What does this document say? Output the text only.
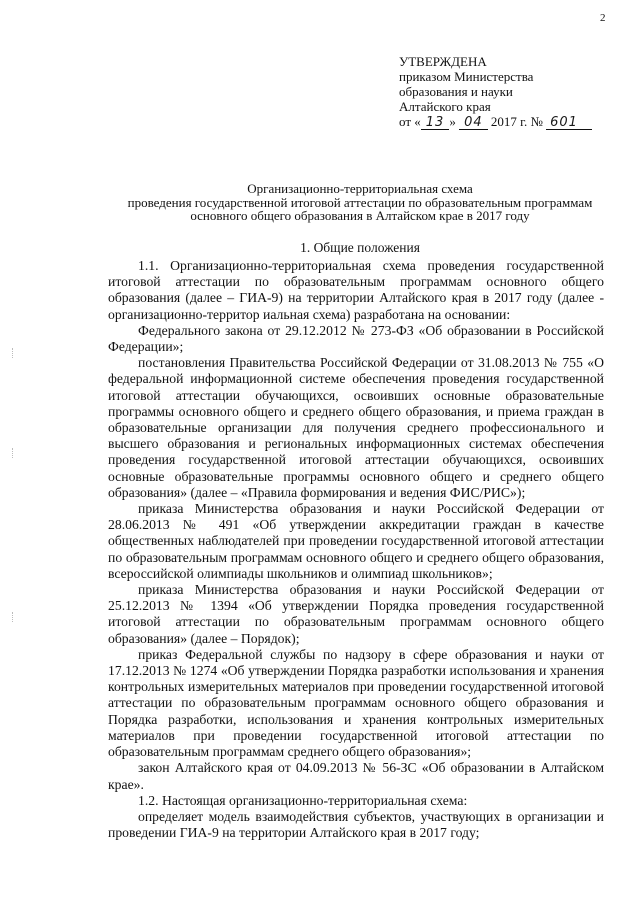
2
УТВЕРЖДЕНА
приказом Министерства
образования и науки
Алтайского края
от « 13 » 04 2017 г. № 601
Организационно-территориальная схема
проведения государственной итоговой аттестации по образовательным программам
основного общего образования в Алтайском крае в 2017 году
1. Общие положения

1.1. Организационно-территориальная схема проведения государственной итоговой аттестации по образовательным программам основного общего образования (далее – ГИА-9) на территории Алтайского края в 2017 году (далее - организационно-территор иальная схема) разработана на основании:

Федерального закона от 29.12.2012 № 273-ФЗ «Об образовании в Российской Федерации»;

постановления Правительства Российской Федерации от 31.08.2013 № 755 «О федеральной информационной системе обеспечения проведения государственной итоговой аттестации обучающихся, освоивших основные образовательные программы основного общего и среднего общего образования, и приема граждан в образовательные организации для получения среднего профессионального и высшего образования и региональных информационных системах обеспечения проведения государственной итоговой аттестации обучающихся, освоивших основные образовательные программы основного общего и среднего общего образования» (далее – «Правила формирования и ведения ФИС/РИС»);

приказа Министерства образования и науки Российской Федерации от 28.06.2013 № 491 «Об утверждении аккредитации граждан в качестве общественных наблюдателей при проведении государственной итоговой аттестации по образовательным программам основного общего и среднего общего образования, всероссийской олимпиады школьников и олимпиад школьников»;

приказа Министерства образования и науки Российской Федерации от 25.12.2013 № 1394 «Об утверждении Порядка проведения государственной итоговой аттестации по образовательным программам основного общего образования» (далее – Порядок);

приказ Федеральной службы по надзору в сфере образования и науки от 17.12.2013 № 1274 «Об утверждении Порядка разработки использования и хранения контрольных измерительных материалов при проведении государственной итоговой аттестации по образовательным программам основного общего образования и Порядка разработки, использования и хранения контрольных измерительных материалов при проведении государственной итоговой аттестации по образовательным программам среднего общего образования»;

закон Алтайского края от 04.09.2013 № 56-ЗС «Об образовании в Алтайском крае».

1.2. Настоящая организационно-территориальная схема:

определяет модель взаимодействия субъектов, участвующих в организации и проведении ГИА-9 на территории Алтайского края в 2017 году;
